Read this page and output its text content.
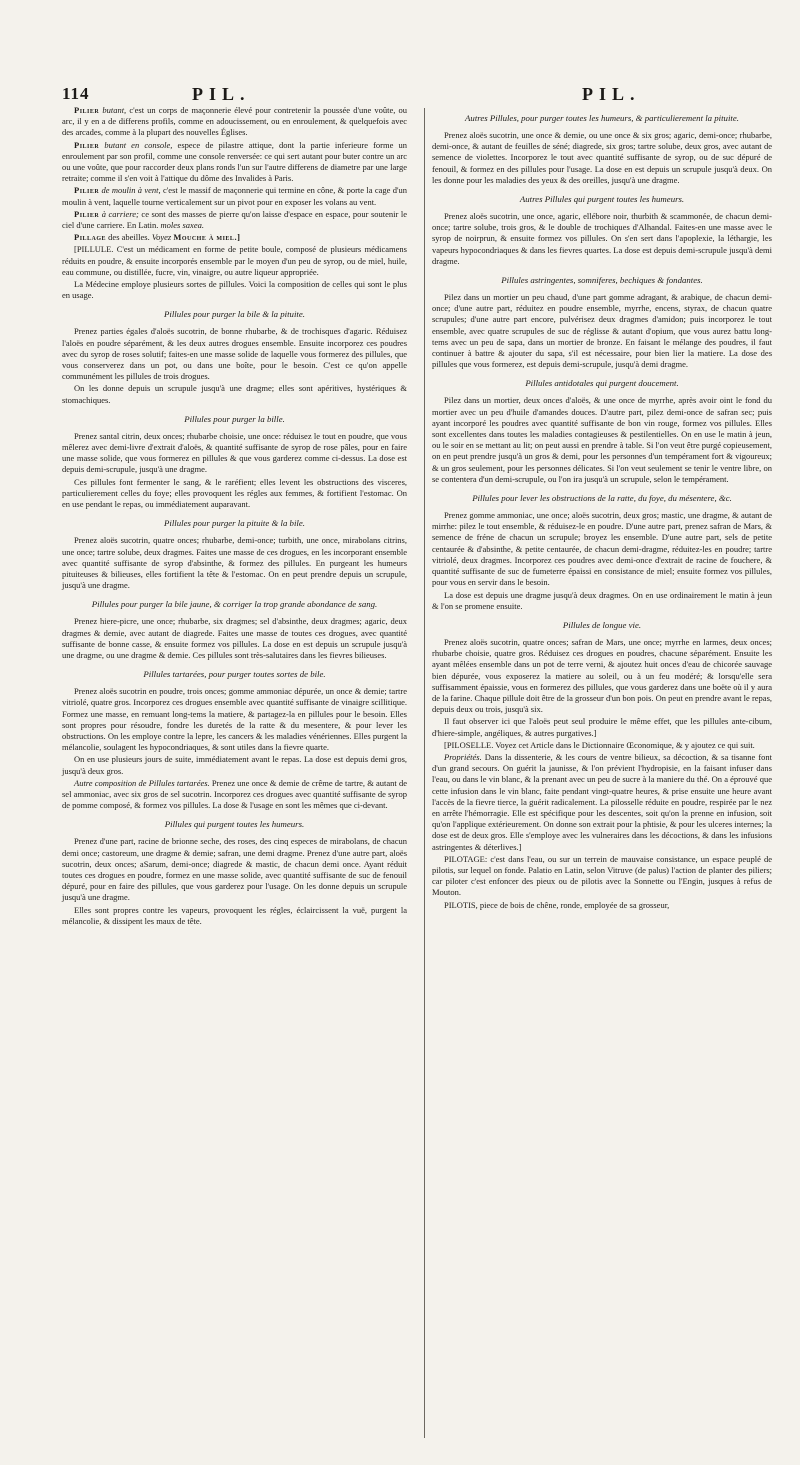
114	PIL.	PIL.

Pilier butant, c'est un corps de maçonnerie élevé pour contretenir la poussée d'une voûte, ou arc, il y en a de differens profils, comme en adoucissement, ou en enroulement, & quelquefois avec des arcades, comme à la plupart des nouvelles Églises.

Pilier butant en console, espece de pilastre attique, dont la partie inferieure forme un enroulement par son profil, comme une console renversée: ce qui sert autant pour buter contre un arc ou une voûte, que pour raccorder deux plans ronds l'un sur l'autre differens de diametre par une large retraite; comme il s'en voit à l'attique du dôme des Invalides à Paris.

Pilier de moulin à vent, c'est le massif de maçonnerie qui termine en cône, & porte la cage d'un moulin à vent, laquelle tourne verticalement sur un pivot pour en exposer les volans au vent.

Pilier à carriere; ce sont des masses de pierre qu'on laisse d'espace en espace, pour soutenir le ciel d'une carriere. En Latin. moles saxea.

Pillage des abeilles. Voyez Mouche à miel.]

[PILLULE. C'est un médicament en forme de petite boule, composé de plusieurs médicamens réduits en poudre, & ensuite incorporés ensemble par le moyen d'un peu de syrop, ou de miel, huile, eau commune, ou distillée, fucre, vin, vinaigre, ou autre liqueur appropriée.

La Médecine employe plusieurs sortes de pillules. Voici la composition de celles qui sont le plus en usage.

Pillules pour purger la bile & la pituite.

Prenez parties égales d'aloës sucotrin, de bonne rhubarbe, & de trochisques d'agaric. Réduisez l'aloës en poudre séparément, & les deux autres drogues ensemble. Ensuite incorporez ces poudres avec du syrop de roses solutif; faites-en une masse solide de laquelle vous formerez des pillules, que vous conserverez dans un pot, ou dans une boîte, pour le besoin. C'est ce qu'on appelle communément les pillules de trois drogues.

On les donne depuis un scrupule jusqu'à une dragme; elles sont apéritives, hystériques & stomachiques.

Pillules pour purger la bille.

Prenez santal citrin, deux onces; rhubarbe choisie, une once: réduisez le tout en poudre, que vous mêlerez avec demi-livre d'extrait d'aloës, & quantité suffisante de syrop de rose pâles, pour en faire une masse solide, que vous formerez en pillules & que vous garderez comme ci-dessus. La dose est depuis demi-scrupule, jusqu'à une dragme.

Ces pillules font fermenter le sang, & le raréfient; elles levent les obstructions des visceres, particulierement celles du foye; elles provoquent les régles aux femmes, & fortifient l'estomac. On en use pendant le repas, ou immédiatement auparavant.

Pillules pour purger la pituite & la bile.

Prenez aloës sucotrin, quatre onces; rhubarbe, demi-once; turbith, une once, mirabolans citrins, une once; tartre solube, deux dragmes. Faites une masse de ces drogues, en les incorporant ensemble avec quantité suffisante de syrop d'absinthe, & formez des pillules. En purgeant les humeurs pituiteuses & bilieuses, elles fortifient la tête & l'estomac. On en peut prendre depuis un scrupule, jusqu'à une dragme.

Pillules pour purger la bile jaune, & corriger la trop grande abondance de sang.

Prenez hiere-picre, une once; rhubarbe, six dragmes; sel d'absinthe, deux dragmes; agaric, deux dragmes & demie, avec autant de diagrede. Faites une masse de toutes ces drogues, avec quantité suffisante de bonne casse, & ensuite formez vos pillules. La dose en est depuis un scrupule jusqu'à une dragme, ou une dragme & demie. Ces pillules sont très-salutaires dans les fievres bilieuses.

Pillules tartarées, pour purger toutes sortes de bile.

Prenez aloës sucotrin en poudre, trois onces; gomme ammoniac dépurée, un once & demie; tartre vitriolé, quatre gros. Incorporez ces drogues ensemble avec quantité suffisante de vinaigre scillitique. Formez une masse, en remuant long-tems la matiere, & partagez-la en pillules pour le besoin. Elles sont propres pour résoudre, fondre les duretés de la ratte & du mesentere, & pour lever les obstructions. On les employe contre la lepre, les cancers & les maladies vénériennes. Elles purgent la mélancolie, soulagent les hypocondriaques, & sont utiles dans la fievre quarte.

On en use plusieurs jours de suite, immédiatement avant le repas. La dose est depuis demi gros, jusqu'à deux gros.

Autre composition de Pillules tartarées. Prenez une once & demie de crême de tartre, & autant de sel ammoniac, avec six gros de sel sucotrin. Incorporez ces drogues avec quantité suffisante de syrop de pomme composé, & formez vos pillules. La dose & l'usage en sont les mêmes que ci-devant.

Pillules qui purgent toutes les humeurs.

Prenez d'une part, racine de brionne seche, des roses, des cinq especes de mirabolans, de chacun demi once; castoreum, une dragme & demie; safran, une demi dragme. Prenez d'une autre part, aloës sucotrin, deux onces; aSarum, demi-once; diagrede & mastic, de chacun demi once. Ayant réduit toutes ces drogues en poudre, formez en une masse solide, avec quantité suffisante de suc de fenouil dépuré, pour en faire des pillules, que vous garderez pour l'usage. On les donne depuis un scrupule jusqu'à une dragme.

Elles sont propres contre les vapeurs, provoquent les régles, éclaircissent la vuë, purgent la mélancolie, & dissipent les maux de tête.

Autres Pillules, pour purger toutes les humeurs, & particulierement la pituite.

Prenez aloës sucotrin, une once & demie, ou une once & six gros; agaric, demi-once; rhubarbe, demi-once, & autant de feuilles de séné; diagrede, six gros; tartre solube, deux gros, avec autant de semence de violettes. Incorporez le tout avec quantité suffisante de syrop, ou de suc dépuré de fenouil, & formez en des pillules pour l'usage. La dose en est depuis un scrupule jusqu'à deux. On les donne pour les maladies des yeux & des oreilles, jusqu'à une dragme.

Autres Pillules qui purgent toutes les humeurs.

Prenez aloës sucotrin, une once, agaric, ellébore noir, thurbith & scammonée, de chacun demi-once; tartre solube, trois gros, & le double de trochiques d'Alhandal. Faites-en une masse avec le syrop de noirprun, & ensuite formez vos pillules. On s'en sert dans l'apoplexie, la léthargie, les vapeurs hypocondriaques & dans les fievres quartes. La dose est depuis demi-scrupule jusqu'à demi dragme.

Pillules astringentes, somniferes, bechiques & fondantes.

Pilez dans un mortier un peu chaud, d'une part gomme adragant, & arabique, de chacun demi-once; d'une autre part, réduitez en poudre ensemble, myrrhe, encens, styrax, de chacun quatre scrupules; d'une autre part encore, pulvérisez deux dragmes d'amidon; puis incorporez le tout ensemble, avec quatre scrupules de suc de réglisse & autant d'opium, que vous aurez battu long-tems avec un peu de sapa, dans un mortier de bronze. En faisant le mélange des poudres, il faut continuer à battre & ajouter du sapa, s'il est nécessaire, pour bien lier la matiere. La dose des pillules que vous formerez, est depuis demi-scrupule, jusqu'à demi dragme.

Pillules antidotales qui purgent doucement.

Pilez dans un mortier, deux onces d'aloës, & une once de myrrhe, après avoir oint le fond du mortier avec un peu d'huile d'amandes douces. D'autre part, pilez demi-once de safran sec; puis ayant incorporé les poudres avec quantité suffisante de bon vin rouge, formez vos pillules. Elles sont excellentes dans toutes les maladies contagieuses & pestilentielles. On en use le matin à jeun, ou le soir en se mettant au lit; on peut aussi en prendre à table. Si l'on veut être purgé copieusement, on en peut prendre jusqu'à un gros & demi, pour les personnes d'un tempérament fort & vigoureux; & un gros seulement, pour les personnes délicates. Si l'on veut seulement se tenir le ventre libre, on se contentera d'un demi-scrupule, ou l'on ira jusqu'à un scrupule, selon le tempérament.

Pillules pour lever les obstructions de la ratte, du foye, du mésentere, &c.

Prenez gomme ammoniac, une once; aloës sucotrin, deux gros; mastic, une dragme, & autant de mirrhe: pilez le tout ensemble, & réduisez-le en poudre. D'une autre part, prenez safran de Mars, & semence de fréne de chacun un scrupule; broyez les ensemble. D'une autre part, sels de petite centaurée & d'absinthe, & petite centaurée, de chacun demi-dragme, réduitez-les en poudre; tartre vitriolé, deux dragmes. Incorporez ces poudres avec demi-once d'extrait de racine de fouchere, & quantité suffisante de suc de fumeterre épaissi en consistance de miel; ensuite formez vos pillules, pour vous en servir dans le besoin.

La dose est depuis une dragme jusqu'à deux dragmes. On en use ordinairement le matin à jeun & l'on se promene ensuite.

Pillules de longue vie.

Prenez aloës sucotrin, quatre onces; safran de Mars, une once; myrrhe en larmes, deux onces; rhubarbe choisie, quatre gros. Réduisez ces drogues en poudres, chacune séparément. Ensuite les ayant mêlées ensemble dans un pot de terre verni, & ajoutez huit onces d'eau de chicorée sauvage bien dépurée, vous exposerez la matiere au soleil, ou à un feu modéré; & lorsqu'elle sera suffisamment épaissie, vous en formerez des pillules, que vous garderez dans une boëte où il y aura de la farine. Chaque pillule doit être de la grosseur d'un bon pois. On peut en prendre avant le repas, depuis deux ou trois, jusqu'à six.

Il faut observer ici que l'aloës peut seul produire le même effet, que les pillules ante-cibum, d'hiere-simple, angéliques, & autres purgatives.]

[PILOSELLE. Voyez cet Article dans le Dictionnaire Œconomique, & y ajoutez ce qui suit.

Propriétés. Dans la dissenterie, & les cours de ventre bilieux, sa décoction, & sa tisanne font d'un grand secours. On guérit la jaunisse, & l'on prévient l'hydropisie, en la faisant infuser dans l'eau, ou dans le vin blanc, & la prenant avec un peu de sucre à la maniere du thé. On a éprouvé que cette infusion dans le vin blanc, faite pendant vingt-quatre heures, & prise ensuite une heure avant l'accès de la fievre tierce, la guérit radicalement. La pilosselle réduite en poudre, respirée par le nez en arrête l'hémorragie. Elle est spécifique pour les descentes, soit qu'on la prenne en infusion, soit qu'on l'applique extérieurement. On donne son extrait pour la phtisie, & pour les ulceres internes; la dose est de deux gros. Elle s'employe avec les vulneraires dans les décoctions, & dans les infusions astringentes & déterlives.]

PILOTAGE: c'est dans l'eau, ou sur un terrein de mauvaise consistance, un espace peuplé de pilotis, sur lequel on fonde. Palatio en Latin, selon Vitruve (de palus) l'action de planter des piliers; car piloter c'est enfoncer des pieux ou de pilotis avec la Sonnette ou l'Engin, jusques à refus de Mouton.

PILOTIS, piece de bois de chêne, ronde, employée de sa grosseur,
